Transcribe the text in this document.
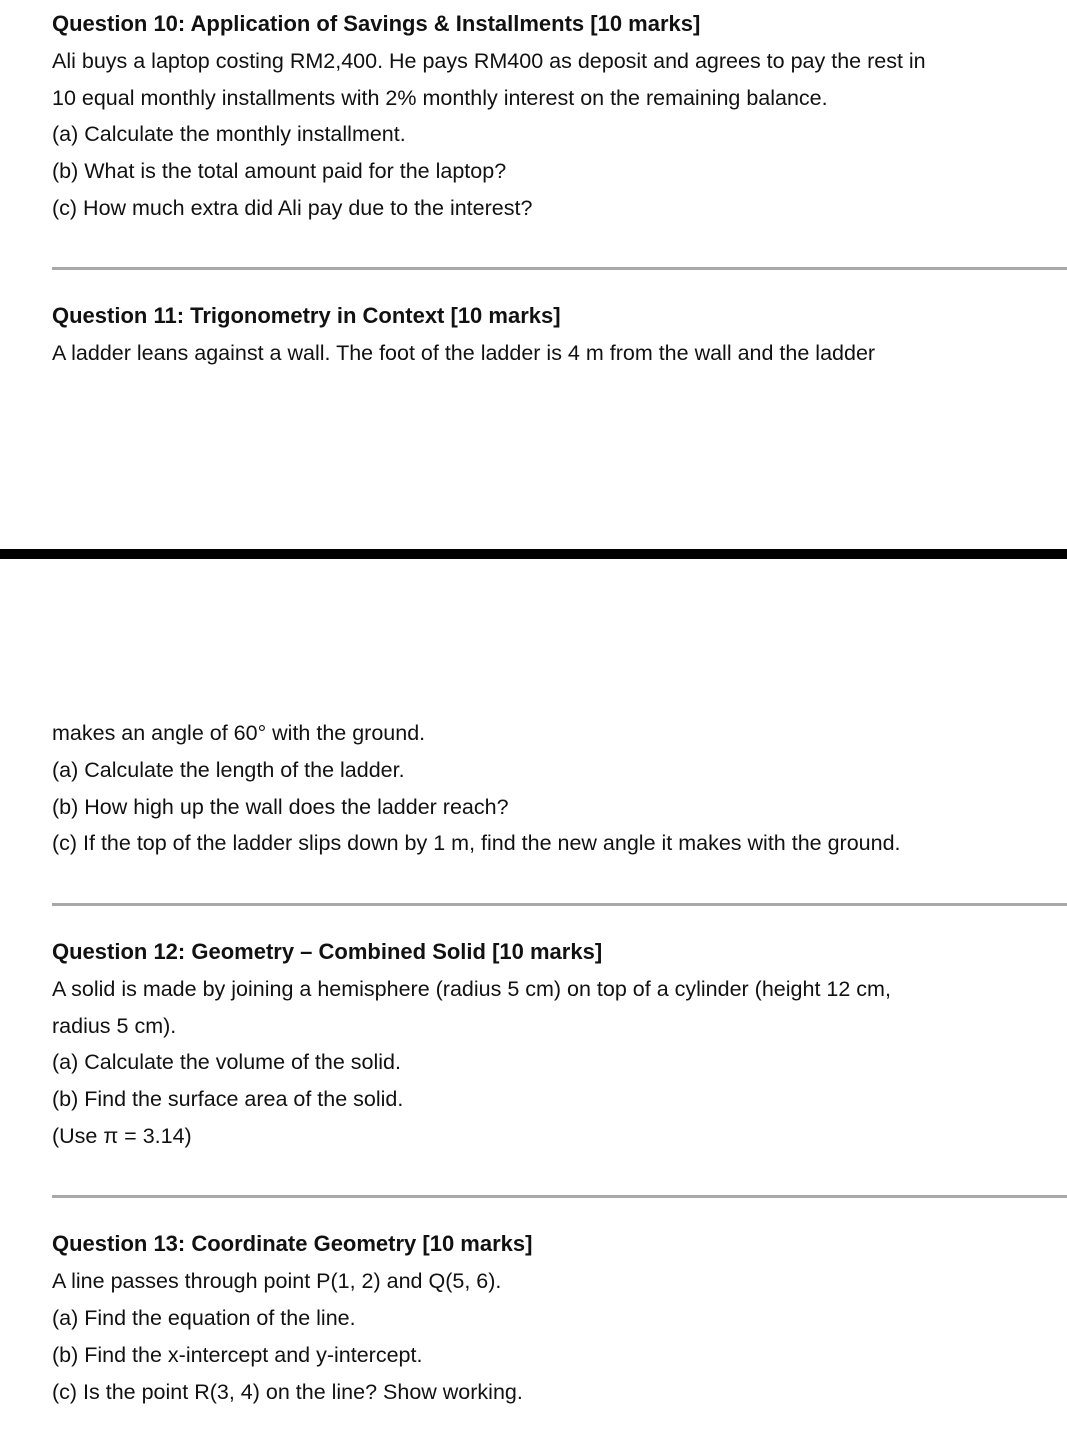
Question 10: Application of Savings & Installments [10 marks]
Ali buys a laptop costing RM2,400. He pays RM400 as deposit and agrees to pay the rest in
10 equal monthly installments with 2% monthly interest on the remaining balance.
(a) Calculate the monthly installment.
(b) What is the total amount paid for the laptop?
(c) How much extra did Ali pay due to the interest?
Question 11: Trigonometry in Context [10 marks]
A ladder leans against a wall. The foot of the ladder is 4 m from the wall and the ladder
makes an angle of 60° with the ground.
(a) Calculate the length of the ladder.
(b) How high up the wall does the ladder reach?
(c) If the top of the ladder slips down by 1 m, find the new angle it makes with the ground.
Question 12: Geometry – Combined Solid [10 marks]
A solid is made by joining a hemisphere (radius 5 cm) on top of a cylinder (height 12 cm,
radius 5 cm).
(a) Calculate the volume of the solid.
(b) Find the surface area of the solid.
(Use π = 3.14)
Question 13: Coordinate Geometry [10 marks]
A line passes through point P(1, 2) and Q(5, 6).
(a) Find the equation of the line.
(b) Find the x-intercept and y-intercept.
(c) Is the point R(3, 4) on the line? Show working.
